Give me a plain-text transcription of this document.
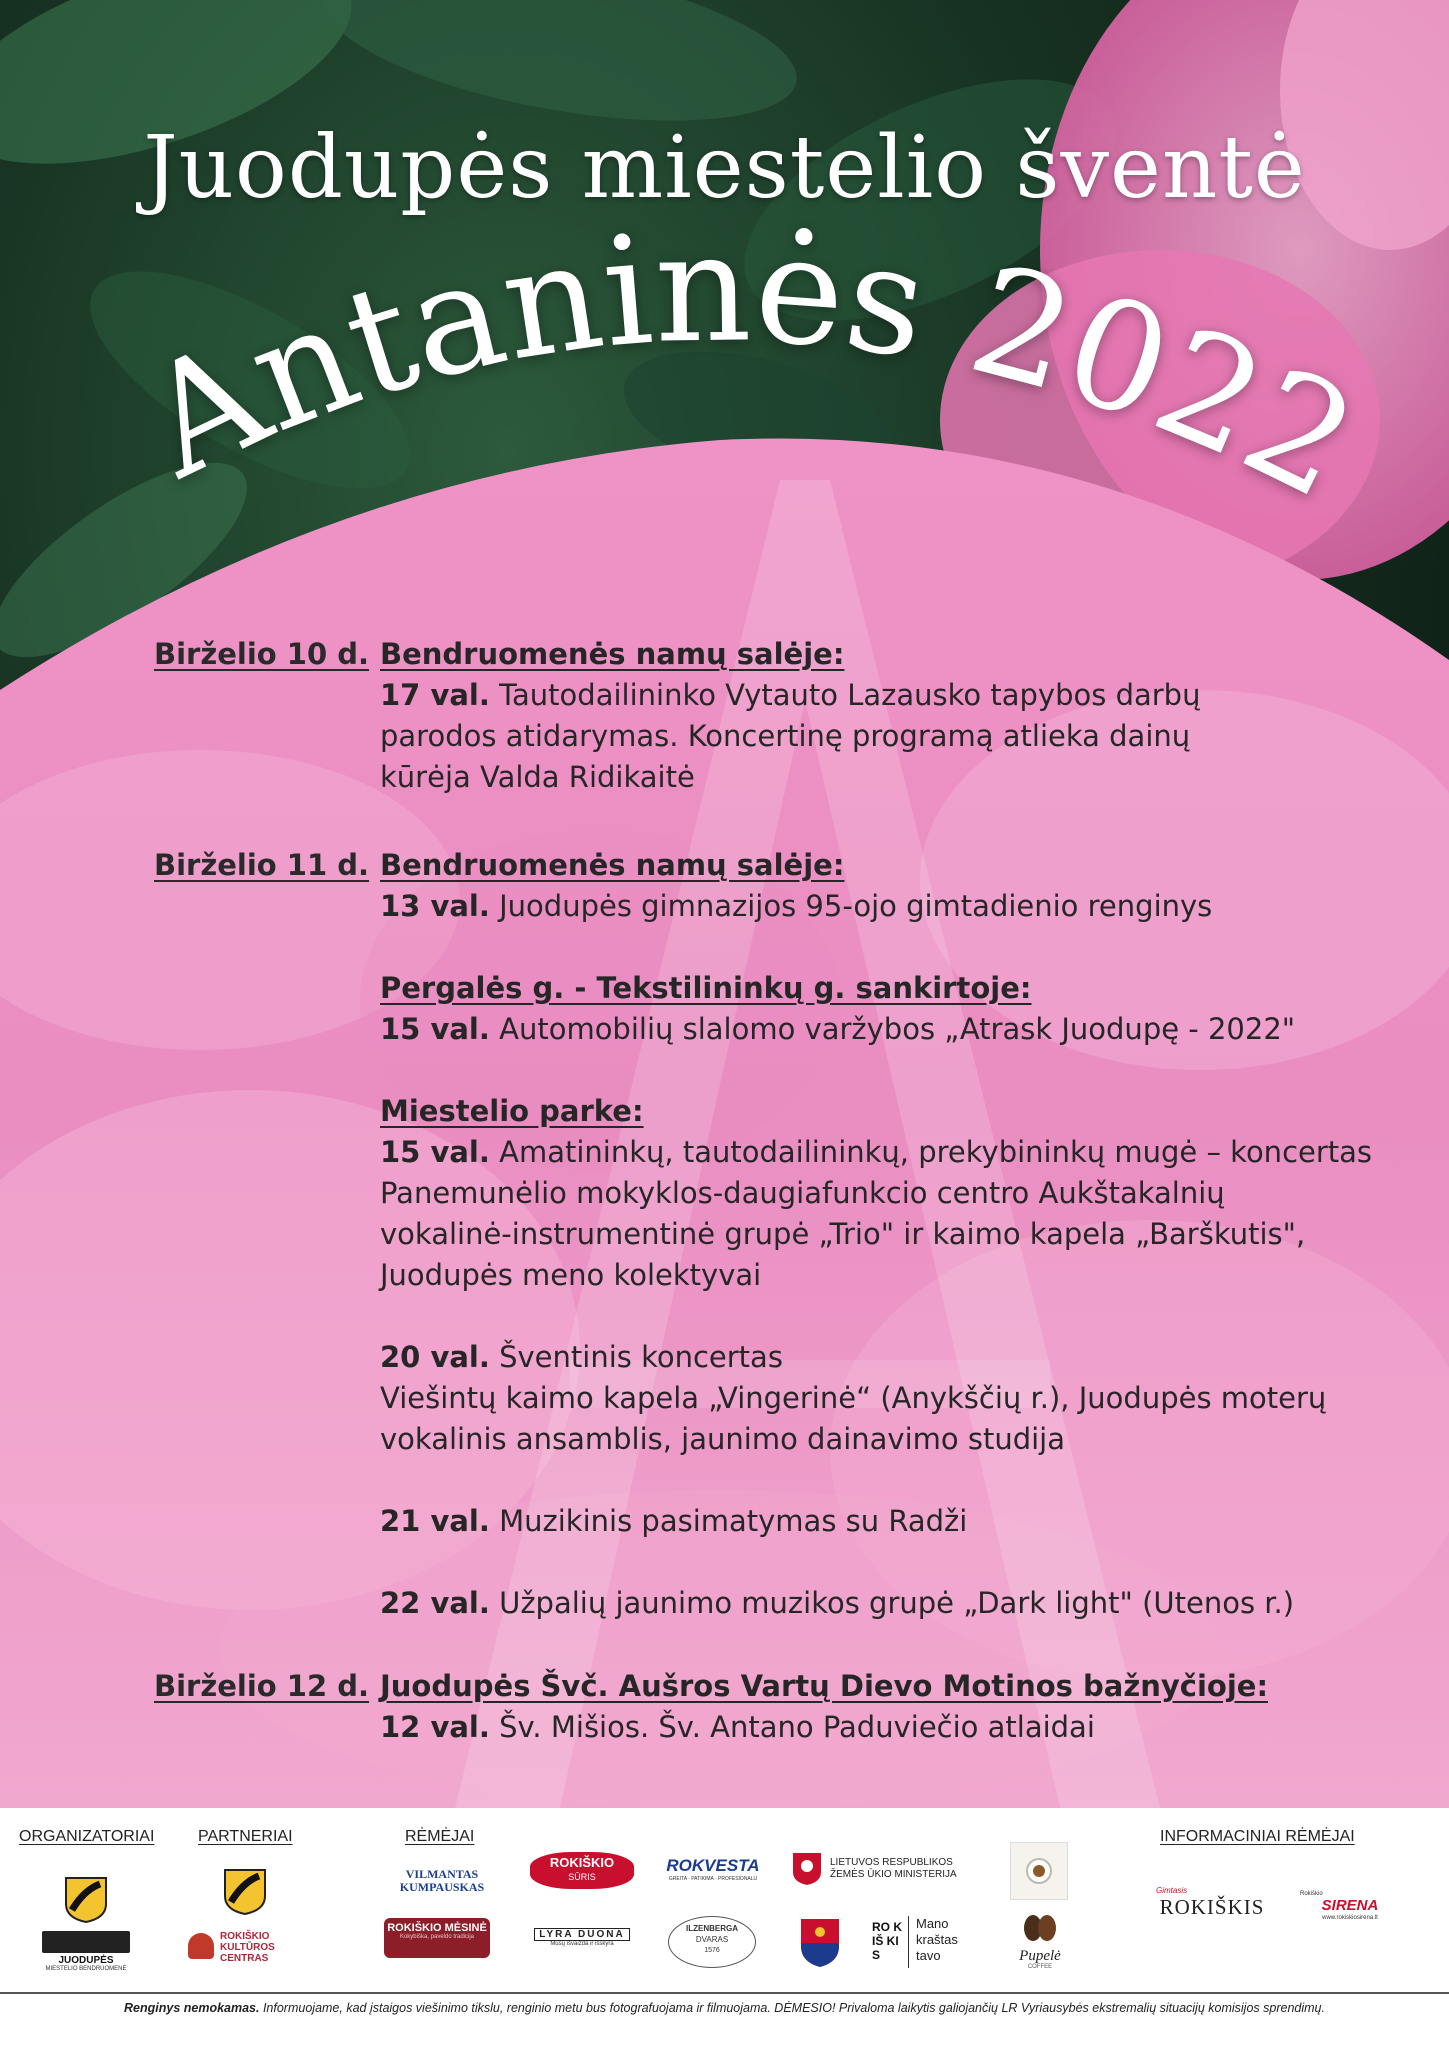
Juodupės miestelio šventė
Antaninės 2022
Birželio 10 d. Bendruomenės namų salėje:
17 val. Tautodailininko Vytauto Lazausko tapybos darbų
parodos atidarymas. Koncertinę programą atlieka dainų
kūrėja Valda Ridikaitė
Birželio 11 d. Bendruomenės namų salėje:
13 val. Juodupės gimnazijos 95-ojo gimtadienio renginys

Pergalės g. - Tekstilininkų g. sankirtoje:
15 val. Automobilių slalomo varžybos „Atrask Juodupę - 2022"

Miestelio parke:
15 val. Amatininkų, tautodailininkų, prekybininkų mugė – koncertas
Panemunėlio mokyklos-daugiafunkcio centro Aukštakalnių
vokalinė-instrumentinė grupė „Trio" ir kaimo kapela „Barškutis",
Juodupės meno kolektyvai

20 val. Šventinis koncertas
Viešintų kaimo kapela „Vingerinė“ (Anykščių r.), Juodupės moterų
vokalinis ansamblis, jaunimo dainavimo studija

21 val. Muzikinis pasimatymas su Radži

22 val. Užpalių jaunimo muzikos grupė „Dark light" (Utenos r.)
Birželio 12 d. Juodupės Švč. Aušros Vartų Dievo Motinos bažnyčioje:
12 val. Šv. Mišios. Šv. Antano Paduviečio atlaidai
ORGANIZATORIAI	PARTNERIAI	RĖMĖJAI	INFORMACINIAI RĖMĖJAI
JUODUPĖS
MIESTELIO BENDRUOMENĖ
ROKIŠKIO
KULTŪROS
CENTRAS
VILMANTAS
KUMPAUSKAS
ROKIŠKIO
SŪRIS
ROKVESTA
GREITA · PATIKIMA · PROFESIONALU
LIETUVOS RESPUBLIKOS
ŽEMĖS ŪKIO MINISTERIJA
ROKIŠKIO MĖSINĖ
Kokybiška, paveldo tradicija	LYRA DUONA
Mūsų išvaizda ir išskyra
ILZENBERGA
DVARAS
1576
RO KIŠ KIS
Mano
kraštas
tavo	Pupelė
COFFEE
Gimtasis
ROKIŠKIS
Rokiškio
SIRENA
www.rokiskiosirena.lt
Renginys nemokamas. Informuojame, kad įstaigos viešinimo tikslu, renginio metu bus fotografuojama ir filmuojama. DĖMESIO! Privaloma laikytis galiojančių LR Vyriausybės ekstremalių situacijų komisijos sprendimų.
